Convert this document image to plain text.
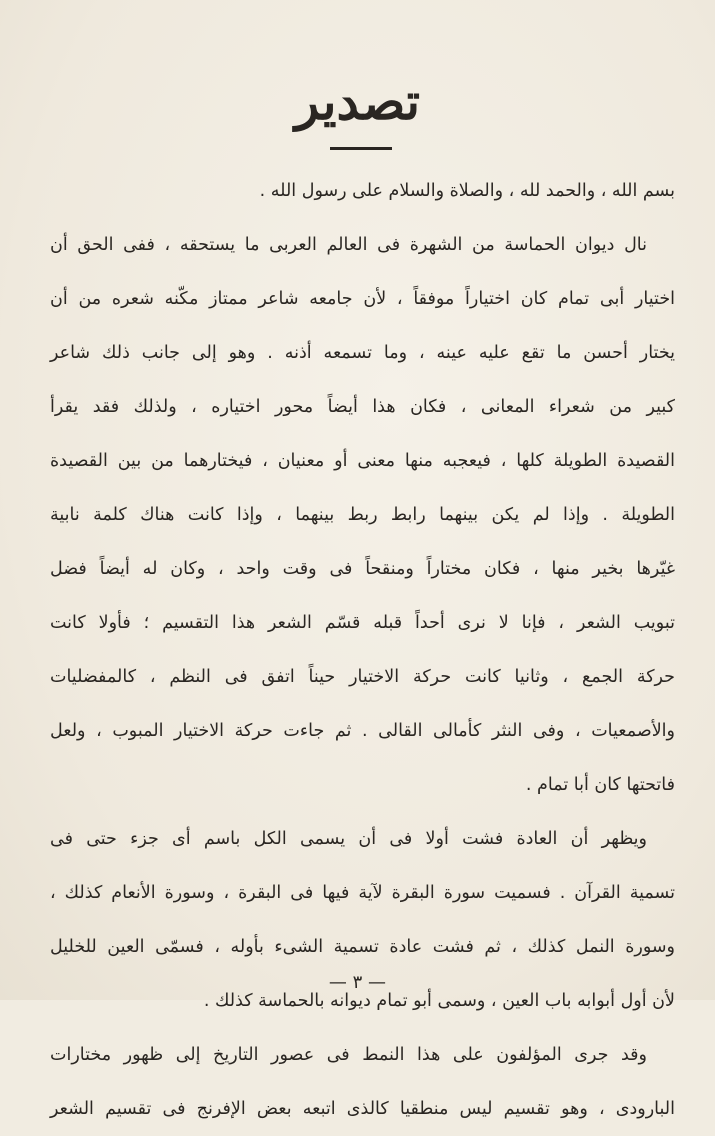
تصدير
بسم الله ، والحمد لله ، والصلاة والسلام على رسول الله .
نال ديوان الحماسة من الشهرة فى العالم العربى ما يستحقه ، ففى الحق أن
اختيار أبى تمام كان اختياراً موفقاً ، لأن جامعه شاعر ممتاز مكّنه شعره من أن
يختار أحسن ما تقع عليه عينه ، وما تسمعه أذنه . وهو إلى جانب ذلك شاعر
كبير من شعراء المعانى ، فكان هذا أيضاً محور اختياره ، ولذلك فقد يقرأ
القصيدة الطويلة كلها ، فيعجبه منها معنى أو معنيان ، فيختارهما من بين القصيدة
الطويلة . وإذا لم يكن بينهما رابط ربط بينهما ، وإذا كانت هناك كلمة نابية
غيّرها بخير منها ، فكان مختاراً ومنقحاً فى وقت واحد ، وكان له أيضاً فضل
تبويب الشعر ، فإنا لا نرى أحداً قبله قسّم الشعر هذا التقسيم ؛ فأولا كانت
حركة الجمع ، وثانيا كانت حركة الاختيار حيناً اتفق فى النظم ، كالمفضليات
والأصمعيات ، وفى النثر كأمالى القالى . ثم جاءت حركة الاختيار المبوب ، ولعل
فاتحتها كان أبا تمام .
ويظهر أن العادة فشت أولا فى أن يسمى الكل باسم أى جزء حتى فى
تسمية القرآن . فسميت سورة البقرة لآية فيها فى البقرة ، وسورة الأنعام كذلك ،
وسورة النمل كذلك ، ثم فشت عادة تسمية الشىء بأوله ، فسمّى العين للخليل
لأن أول أبوابه باب العين ، وسمى أبو تمام ديوانه بالحماسة كذلك .
وقد جرى المؤلفون على هذا النمط فى عصور التاريخ إلى ظهور مختارات
البارودى ، وهو تقسيم ليس منطقيا كالذى اتبعه بعض الإفرنج فى تقسيم الشعر
— ٣ —
